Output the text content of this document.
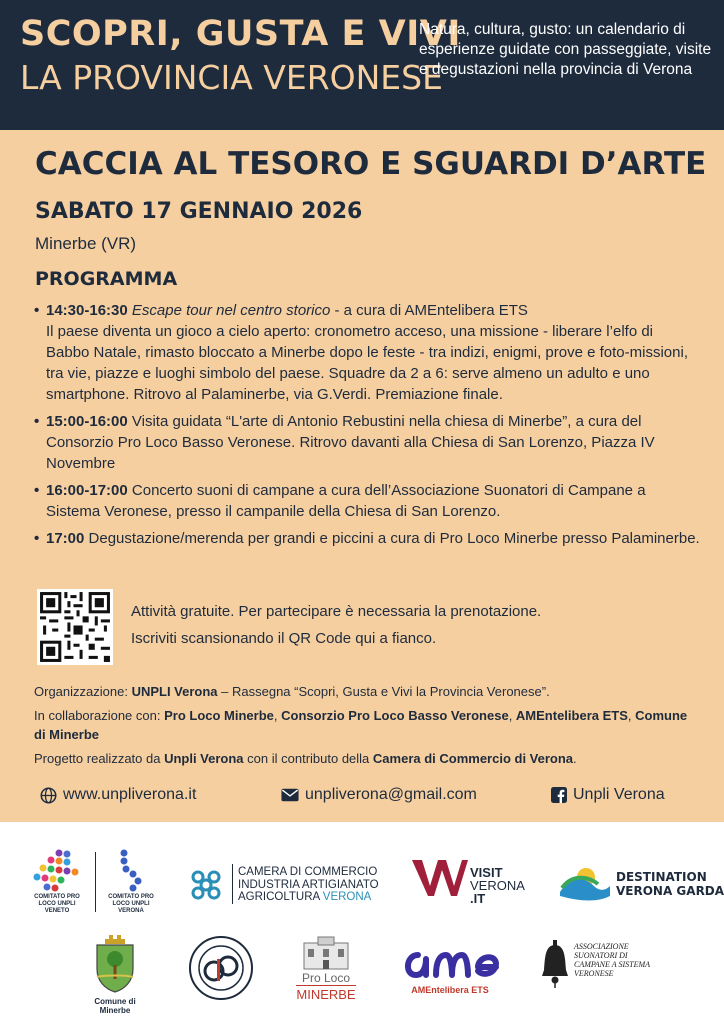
SCOPRI, GUSTA E VIVI
LA PROVINCIA VERONESE
Natura, cultura, gusto: un calendario di esperienze guidate con passeggiate, visite e degustazioni nella provincia di Verona
CACCIA AL TESORO E SGUARDI D’ARTE
SABATO 17 GENNAIO 2026
Minerbe (VR)
PROGRAMMA
• 14:30-16:30 Escape tour nel centro storico - a cura di AMEntelibera ETS
Il paese diventa un gioco a cielo aperto: cronometro acceso, una missione - liberare l’elfo di Babbo Natale, rimasto bloccato a Minerbe dopo le feste - tra indizi, enigmi, prove e foto-missioni, tra vie, piazze e luoghi simbolo del paese. Squadre da 2 a 6: serve almeno un adulto e uno smartphone. Ritrovo al Palaminerbe, via G.Verdi. Premiazione finale.
• 15:00-16:00 Visita guidata “L'arte di Antonio Rebustini nella chiesa di Minerbe”, a cura del Consorzio Pro Loco Basso Veronese. Ritrovo davanti alla Chiesa di San Lorenzo, Piazza IV Novembre
• 16:00-17:00 Concerto suoni di campane a cura dell’Associazione Suonatori di Campane a Sistema Veronese, presso il campanile della Chiesa di San Lorenzo.
• 17:00 Degustazione/merenda per grandi e piccini a cura di Pro Loco Minerbe presso Palaminerbe.
Attività gratuite. Per partecipare è necessaria la prenotazione.
Iscriviti scansionando il QR Code qui a fianco.

Organizzazione: UNPLI Verona – Rassegna “Scopri, Gusta e Vivi la Provincia Veronese”.

In collaborazione con: Pro Loco Minerbe, Consorzio Pro Loco Basso Veronese, AMEntelibera ETS, Comune di Minerbe

Progetto realizzato da Unpli Verona con il contributo della Camera di Commercio di Verona.

www.unpliverona.it	unpliverona@gmail.com	Unpli Verona
COMITATO PRO LOCO UNPLI VENETO
COMITATO PRO LOCO UNPLI VERONA
CAMERA DI COMMERCIO
INDUSTRIA ARTIGIANATO
AGRICOLTURA VERONA
VISIT
VERONA
.IT
DESTINATION
VERONA GARDA
Comune di Minerbe
Pro Loco
MINERBE	AMEntelibera ETS
ASSOCIAZIONE SUONATORI DI CAMPANE A SISTEMA VERONESE
